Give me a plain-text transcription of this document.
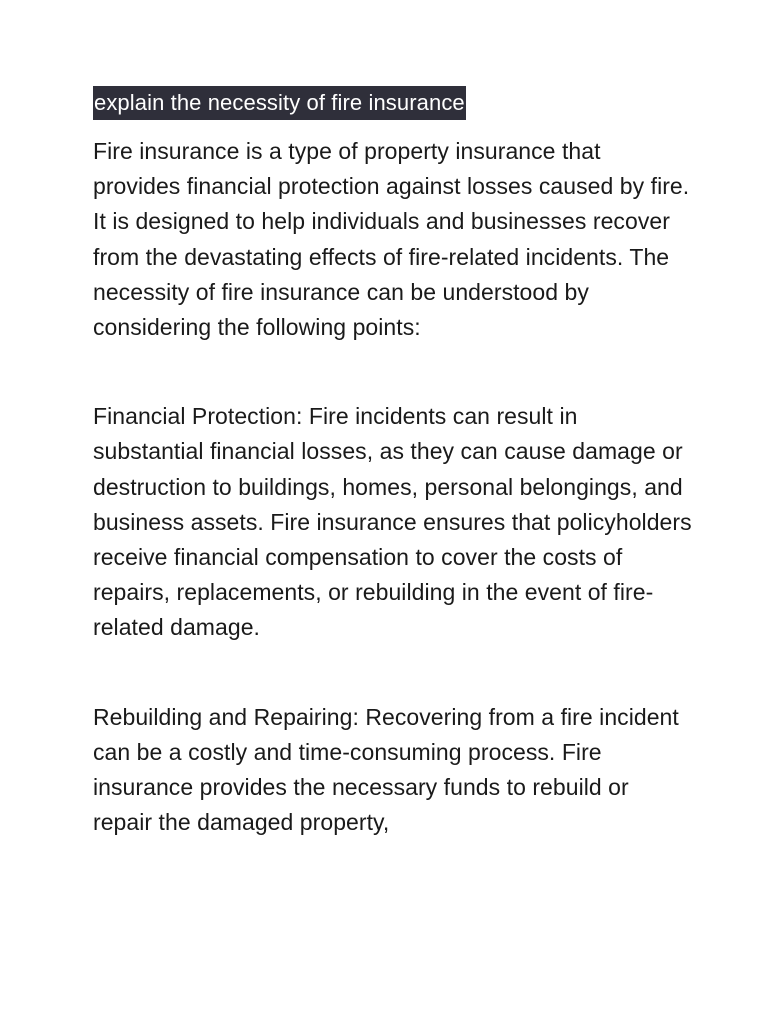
explain the necessity of fire insurance

Fire insurance is a type of property insurance that provides financial protection against losses caused by fire. It is designed to help individuals and businesses recover from the devastating effects of fire-related incidents. The necessity of fire insurance can be understood by considering the following points:

Financial Protection: Fire incidents can result in substantial financial losses, as they can cause damage or destruction to buildings, homes, personal belongings, and business assets. Fire insurance ensures that policyholders receive financial compensation to cover the costs of repairs, replacements, or rebuilding in the event of fire-related damage.

Rebuilding and Repairing: Recovering from a fire incident can be a costly and time-consuming process. Fire insurance provides the necessary funds to rebuild or repair the damaged property,
